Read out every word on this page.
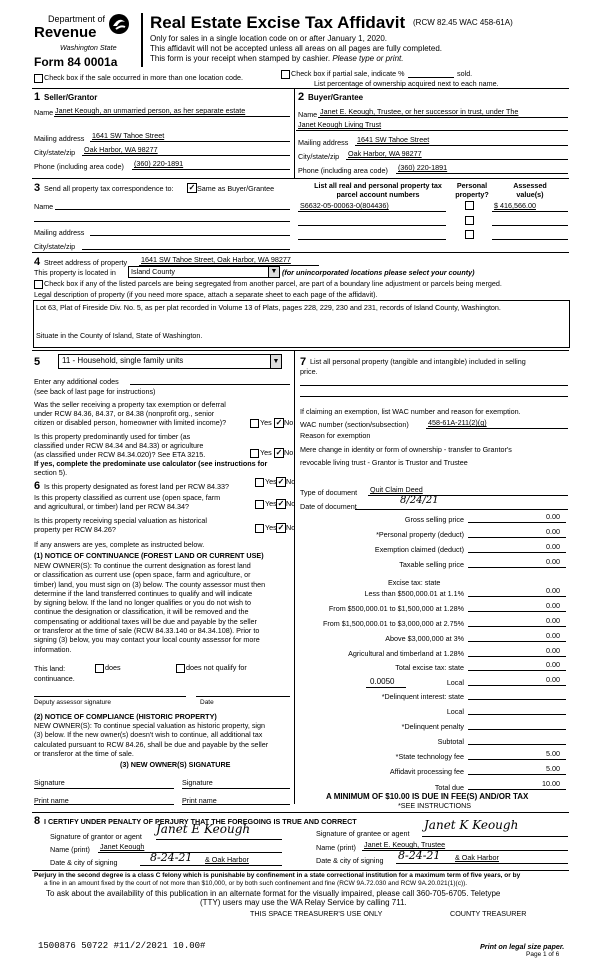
Department of
Revenue
Washington State
Form 84 0001a
Real Estate Excise Tax Affidavit (RCW 82.45 WAC 458-61A)
Only for sales in a single location code on or after January 1, 2020.
This affidavit will not be accepted unless all areas on all pages are fully completed.
This form is your receipt when stamped by cashier. Please type or print.
Check box if the sale occurred in more than one location code.	Check box if partial sale, indicate %	sold.
List percentage of ownership acquired next to each name.
1 Seller/Grantor
Name Janet Keough, an unmarried person, as her separate estate
Mailing address 1641 SW Tahoe Street
City/state/zip Oak Harbor, WA 98277
Phone (including area code) (360) 220-1891
2 Buyer/Grantee
Name Janet E. Keough, Trustee, or her successor in trust, under The
Janet Keough Living Trust
Mailing address 1641 SW Tahoe Street
City/state/zip Oak Harbor, WA 98277
Phone (including area code) (360) 220-1891
3 Send all property tax correspondence to: ✓ Same as Buyer/Grantee
Name
Mailing address
City/state/zip
List all real and personal property tax
parcel account numbers
Personal
property?
Assessed
value(s)
S6632-05-00063-0(804436)	$ 416,566.00
4 Street address of property 1641 SW Tahoe Street, Oak Harbor, WA 98277
This property is located in Island County	▼ (for unincorporated locations please select your county)
Check box if any of the listed parcels are being segregated from another parcel, are part of a boundary line adjustment or parcels being merged.
Legal description of property (if you need more space, attach a separate sheet to each page of the affidavit).
Lot 63, Plat of Fireside Div. No. 5, as per plat recorded in Volume 13 of Plats, pages 228, 229, 230 and 231, records of Island County, Washington.
Situate in the County of Island, State of Washington.
5	11 - Household, single family units	▼
Enter any additional codes
(see back of last page for instructions)
Was the seller receiving a property tax exemption or deferral
under RCW 84.36, 84.37, or 84.38 (nonprofit org., senior
citizen or disabled person, homeowner with limited income)?	Yes ✓ No
Is this property predominantly used for timber (as
classified under RCW 84.34 and 84.33) or agriculture
(as classified under RCW 84.34.020)? See ETA 3215.	Yes ✓ No
If yes, complete the predominate use calculator (see instructions for
section 5).
6 Is this property designated as forest land per RCW 84.33?
Yes ✓ No
Is this property classified as current use (open space, farm
and agricultural, or timber) land per RCW 84.34?	Yes ✓ No
Is this property receiving special valuation as historical
property per RCW 84.26?	Yes ✓ No
If any answers are yes, complete as instructed below.
(1) NOTICE OF CONTINUANCE (FOREST LAND OR CURRENT USE)
NEW OWNER(S): To continue the current designation as forest land
or classification as current use (open space, farm and agriculture, or
timber) land, you must sign on (3) below. The county assessor must then
determine if the land transferred continues to qualify and will indicate
by signing below. If the land no longer qualifies or you do not wish to
continue the designation or classification, it will be removed and the
compensating or additional taxes will be due and payable by the seller
or transferor at the time of sale (RCW 84.33.140 or 84.34.108). Prior to
signing (3) below, you may contact your local county assessor for more
information.
This land:	does	does not qualify for
continuance.
Deputy assessor signature	Date
(2) NOTICE OF COMPLIANCE (HISTORIC PROPERTY)
NEW OWNER(S): To continue special valuation as historic property, sign
(3) below. If the new owner(s) doesn't wish to continue, all additional tax
calculated pursuant to RCW 84.26, shall be due and payable by the seller
or transferor at the time of sale.
(3) NEW OWNER(S) SIGNATURE
Signature	Signature
Print name	Print name
7 List all personal property (tangible and intangible) included in selling
price.
If claiming an exemption, list WAC number and reason for exemption.
WAC number (section/subsection)	458-61A-211(2)(g)
Reason for exemption
Mere change in identity or form of ownership - transfer to Grantor's
revocable living trust - Grantor is Trustor and Trustee
Type of document Quit Claim Deed
Date of document
8/24/21
Gross selling price	0.00
*Personal property (deduct)	0.00
Exemption claimed (deduct)	0.00
Taxable selling price	0.00
Less than $500,000.01 at 1.1%	0.00
From $500,000.01 to $1,500,000 at 1.28%	0.00
From $1,500,000.01 to $3,000,000 at 2.75%	0.00
Above $3,000,000 at 3%	0.00
Agricultural and timberland at 1.28%	0.00
Excise tax: state
Total excise tax: state	0.00
0.0050	Local	0.00
*Delinquent interest: state
Local
*Delinquent penalty
Subtotal
*State technology fee	5.00
Affidavit processing fee	5.00
Total due	10.00
A MINIMUM OF $10.00 IS DUE IN FEE(S) AND/OR TAX
*SEE INSTRUCTIONS
8 I CERTIFY UNDER PENALTY OF PERJURY THAT THE FOREGOING IS TRUE AND CORRECT
Signature of grantor or agent
Janet E Keough
Name (print) Janet Keough
Date & city of signing	8-24-21 & Oak Harbor
Signature of grantee or agent
Janet K Keough
Name (print) Janet E. Keough, Trustee
Date & city of signing 8-24-21 & Oak Harbor
Perjury in the second degree is a class C felony which is punishable by confinement in a state correctional institution for a maximum term of five years, or by
a fine in an amount fixed by the court of not more than $10,000, or by both such confinement and fine (RCW 9A.72.030 and RCW 9A.20.021(1)(c)).
To ask about the availability of this publication in an alternate format for the visually impaired, please call 360-705-6705. Teletype
(TTY) users may use the WA Relay Service by calling 711.
THIS SPACE TREASURER'S USE ONLY	COUNTY TREASURER
1500876 50722 #11/2/2021 10.00#	Print on legal size paper.
Page 1 of 6
